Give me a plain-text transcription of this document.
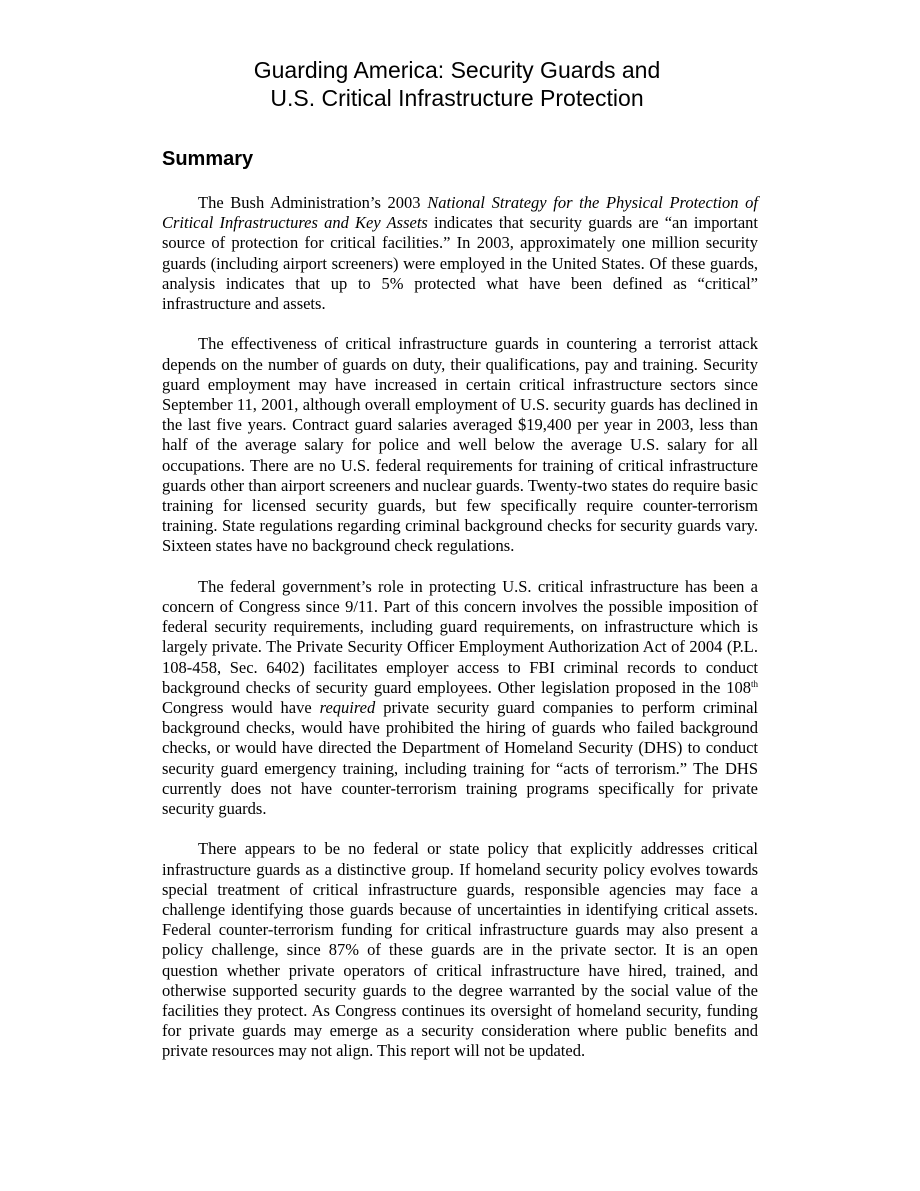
Guarding America: Security Guards and
U.S. Critical Infrastructure Protection
Summary

The Bush Administration’s 2003 National Strategy for the Physical Protection of Critical Infrastructures and Key Assets indicates that security guards are “an important source of protection for critical facilities.” In 2003, approximately one million security guards (including airport screeners) were employed in the United States. Of these guards, analysis indicates that up to 5% protected what have been defined as “critical” infrastructure and assets.

The effectiveness of critical infrastructure guards in countering a terrorist attack depends on the number of guards on duty, their qualifications, pay and training. Security guard employment may have increased in certain critical infrastructure sectors since September 11, 2001, although overall employment of U.S. security guards has declined in the last five years. Contract guard salaries averaged $19,400 per year in 2003, less than half of the average salary for police and well below the average U.S. salary for all occupations. There are no U.S. federal requirements for training of critical infrastructure guards other than airport screeners and nuclear guards. Twenty-two states do require basic training for licensed security guards, but few specifically require counter-terrorism training. State regulations regarding criminal background checks for security guards vary. Sixteen states have no background check regulations.

The federal government’s role in protecting U.S. critical infrastructure has been a concern of Congress since 9/11. Part of this concern involves the possible imposition of federal security requirements, including guard requirements, on infrastructure which is largely private. The Private Security Officer Employment Authorization Act of 2004 (P.L. 108-458, Sec. 6402) facilitates employer access to FBI criminal records to conduct background checks of security guard employees. Other legislation proposed in the 108th Congress would have required private security guard companies to perform criminal background checks, would have prohibited the hiring of guards who failed background checks, or would have directed the Department of Homeland Security (DHS) to conduct security guard emergency training, including training for “acts of terrorism.” The DHS currently does not have counter-terrorism training programs specifically for private security guards.

There appears to be no federal or state policy that explicitly addresses critical infrastructure guards as a distinctive group. If homeland security policy evolves towards special treatment of critical infrastructure guards, responsible agencies may face a challenge identifying those guards because of uncertainties in identifying critical assets. Federal counter-terrorism funding for critical infrastructure guards may also present a policy challenge, since 87% of these guards are in the private sector. It is an open question whether private operators of critical infrastructure have hired, trained, and otherwise supported security guards to the degree warranted by the social value of the facilities they protect. As Congress continues its oversight of homeland security, funding for private guards may emerge as a security consideration where public benefits and private resources may not align. This report will not be updated.
